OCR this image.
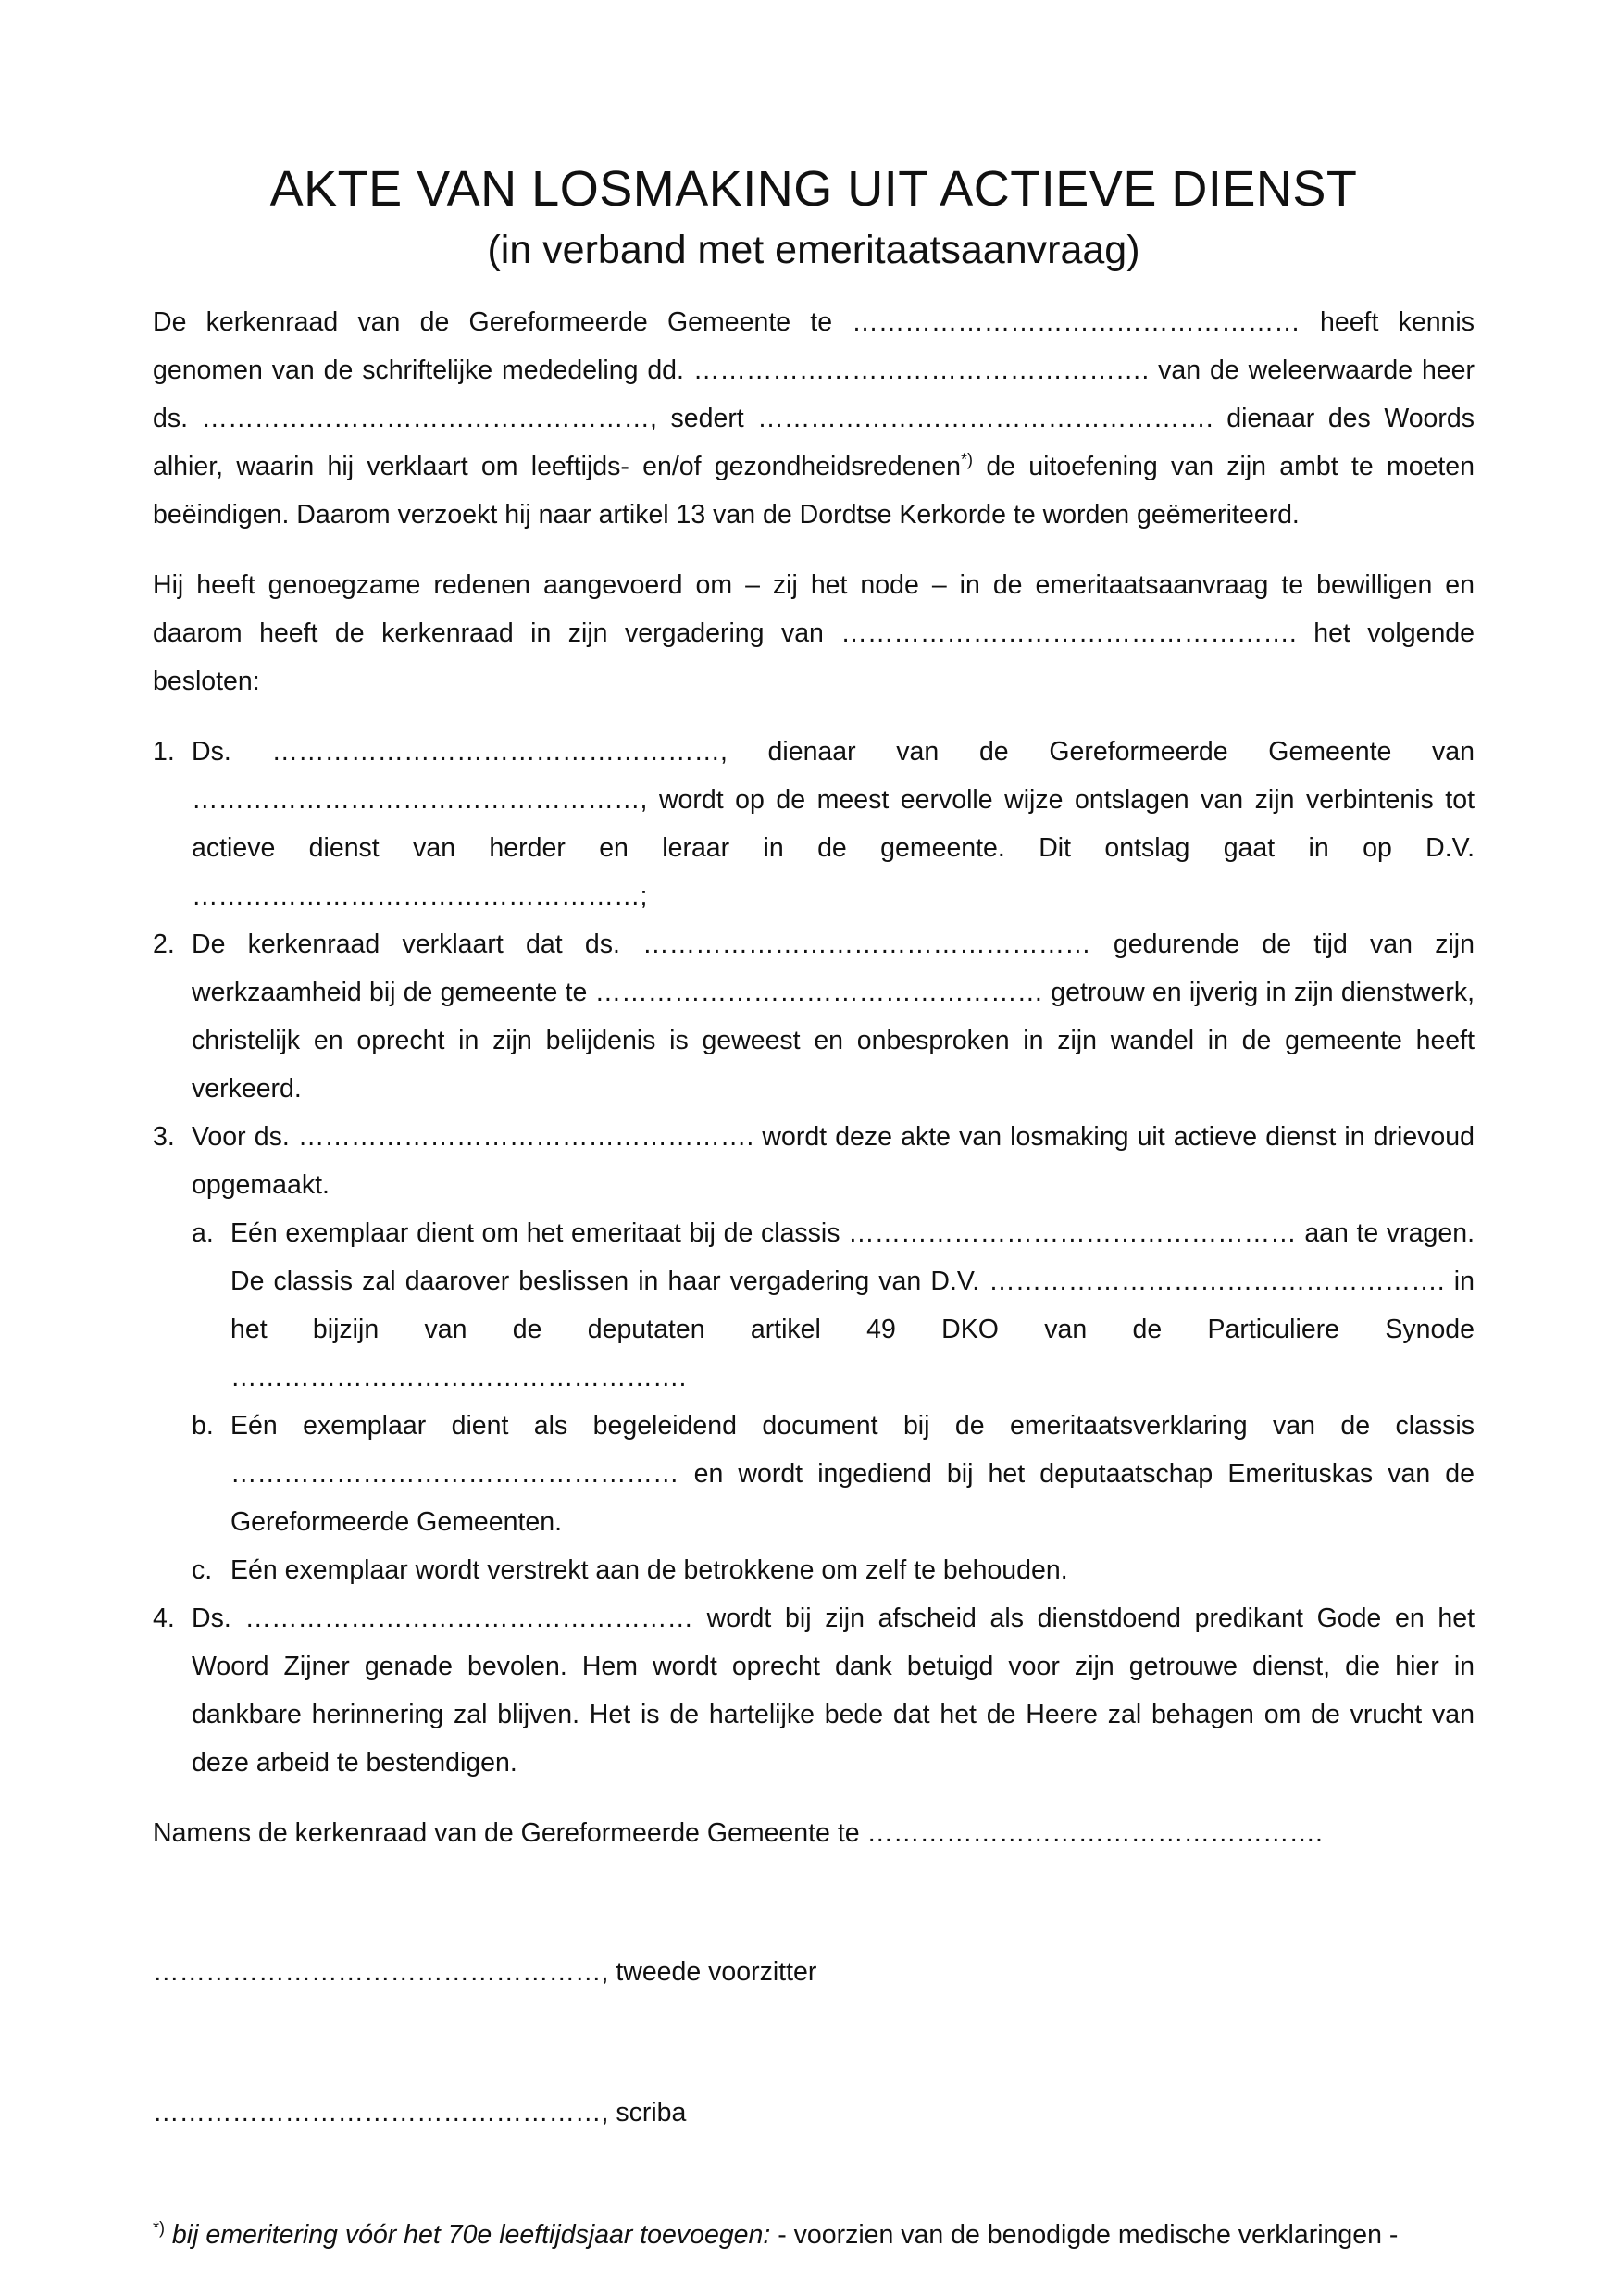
AKTE VAN LOSMAKING UIT ACTIEVE DIENST
(in verband met emeritaatsaanvraag)

De kerkenraad van de Gereformeerde Gemeente te …………………………………………… heeft kennis genomen van de schriftelijke mededeling dd. ……………………………………………. van de weleerwaarde heer ds. ……………………………………………, sedert ……………………………………………. dienaar des Woords alhier, waarin hij verklaart om leeftijds- en/of gezondheidsredenen*) de uitoefening van zijn ambt te moeten beëindigen. Daarom verzoekt hij naar artikel 13 van de Dordtse Kerkorde te worden geëmeriteerd.

Hij heeft genoegzame redenen aangevoerd om – zij het node – in de emeritaatsaanvraag te bewilligen en daarom heeft de kerkenraad in zijn vergadering van ……………………………………………. het volgende besloten:

1. Ds. ……………………………………………, dienaar van de Gereformeerde Gemeente van ……………………………………………, wordt op de meest eervolle wijze ontslagen van zijn verbintenis tot actieve dienst van herder en leraar in de gemeente. Dit ontslag gaat in op D.V. ……………………………………………;
2. De kerkenraad verklaart dat ds. …………………………………………… gedurende de tijd van zijn werkzaamheid bij de gemeente te …………………………………………… getrouw en ijverig in zijn dienstwerk, christelijk en oprecht in zijn belijdenis is geweest en onbesproken in zijn wandel in de gemeente heeft verkeerd.
3. Voor ds. ……………………………………………. wordt deze akte van losmaking uit actieve dienst in drievoud opgemaakt.
a. Eén exemplaar dient om het emeritaat bij de classis …………………………………………… aan te vragen. De classis zal daarover beslissen in haar vergadering van D.V. ……………………………………………. in het bijzijn van de deputaten artikel 49 DKO van de Particuliere Synode …………………………………………….
b. Eén exemplaar dient als begeleidend document bij de emeritaatsverklaring van de classis …………………………………………… en wordt ingediend bij het deputaatschap Emerituskas van de Gereformeerde Gemeenten.
c. Eén exemplaar wordt verstrekt aan de betrokkene om zelf te behouden.
4. Ds. …………………………………………… wordt bij zijn afscheid als dienstdoend predikant Gode en het Woord Zijner genade bevolen. Hem wordt oprecht dank betuigd voor zijn getrouwe dienst, die hier in dankbare herinnering zal blijven. Het is de hartelijke bede dat het de Heere zal behagen om de vrucht van deze arbeid te bestendigen.

Namens de kerkenraad van de Gereformeerde Gemeente te …………………………………………….

……………………………………………, tweede voorzitter

……………………………………………, scriba

*) bij emeritering vóór het 70e leeftijdsjaar toevoegen: - voorzien van de benodigde medische verklaringen -
